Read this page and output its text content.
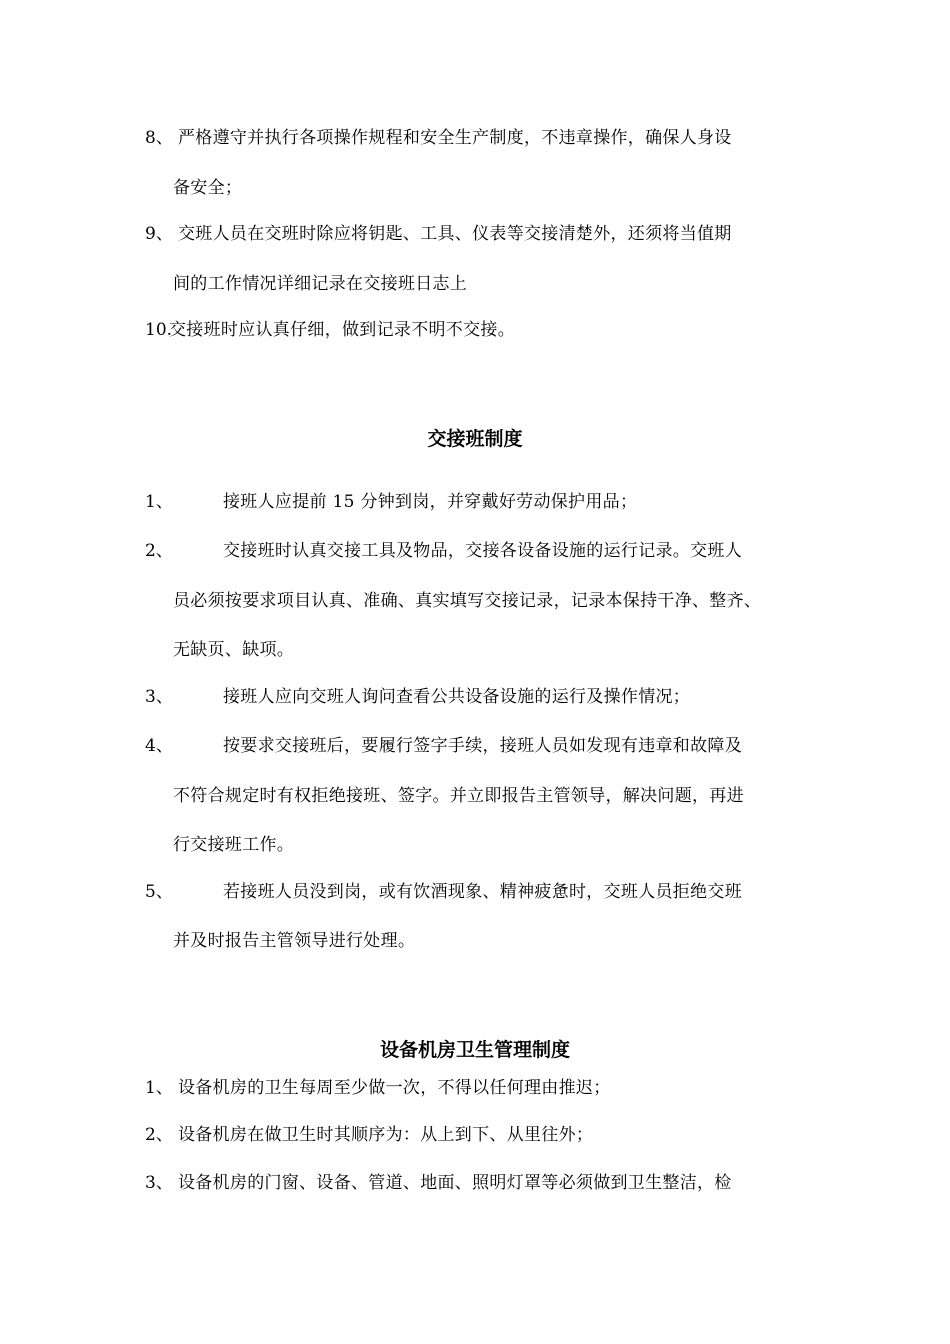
8、 严格遵守并执行各项操作规程和安全生产制度，不违章操作，确保人身设
备安全；
9、 交班人员在交班时除应将钥匙、工具、仪表等交接清楚外，还须将当值期
间的工作情况详细记录在交接班日志上
10.
交接班时应认真仔细，做到记录不明不交接。
交接班制度
1、	接班人应提前 15 分钟到岗，并穿戴好劳动保护用品；
2、	交接班时认真交接工具及物品，交接各设备设施的运行记录。交班人
员必须按要求项目认真、准确、真实填写交接记录，记录本保持干净、整齐、
无缺页、缺项。
3、	接班人应向交班人询问查看公共设备设施的运行及操作情况；
4、	按要求交接班后，要履行签字手续，接班人员如发现有违章和故障及
不符合规定时有权拒绝接班、签字。并立即报告主管领导，解决问题，再进
行交接班工作。
5、	若接班人员没到岗，或有饮酒现象、精神疲惫时，交班人员拒绝交班
并及时报告主管领导进行处理。
设备机房卫生管理制度
1、 设备机房的卫生每周至少做一次，不得以任何理由推迟；
2、 设备机房在做卫生时其顺序为：从上到下、从里往外；
3、 设备机房的门窗、设备、管道、地面、照明灯罩等必须做到卫生整洁，检
